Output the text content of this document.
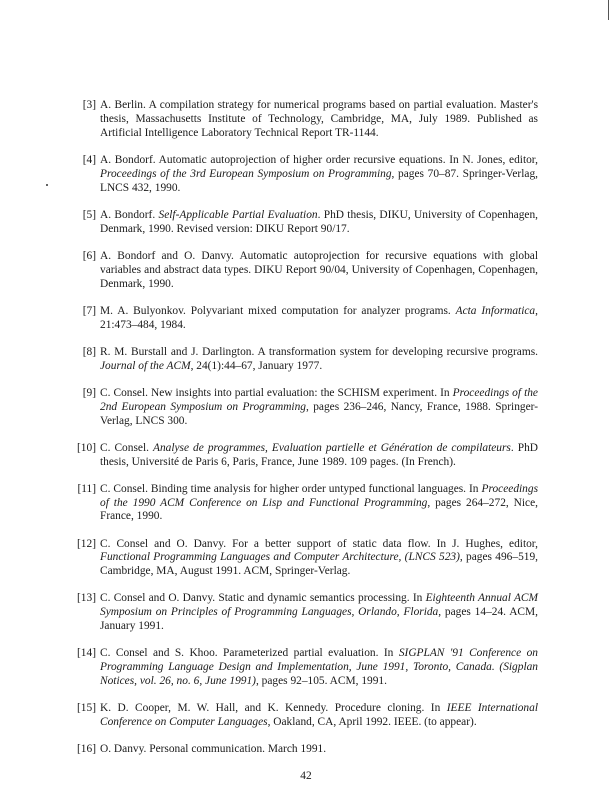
[3] A. Berlin. A compilation strategy for numerical programs based on partial evaluation. Master's thesis, Massachusetts Institute of Technology, Cambridge, MA, July 1989. Published as Artificial Intelligence Laboratory Technical Report TR-1144.
[4] A. Bondorf. Automatic autoprojection of higher order recursive equations. In N. Jones, editor, Proceedings of the 3rd European Symposium on Programming, pages 70–87. Springer-Verlag, LNCS 432, 1990.
[5] A. Bondorf. Self-Applicable Partial Evaluation. PhD thesis, DIKU, University of Copenhagen, Denmark, 1990. Revised version: DIKU Report 90/17.
[6] A. Bondorf and O. Danvy. Automatic autoprojection for recursive equations with global variables and abstract data types. DIKU Report 90/04, University of Copenhagen, Copenhagen, Denmark, 1990.
[7] M. A. Bulyonkov. Polyvariant mixed computation for analyzer programs. Acta Informatica, 21:473–484, 1984.
[8] R. M. Burstall and J. Darlington. A transformation system for developing recursive programs. Journal of the ACM, 24(1):44–67, January 1977.
[9] C. Consel. New insights into partial evaluation: the SCHISM experiment. In Proceedings of the 2nd European Symposium on Programming, pages 236–246, Nancy, France, 1988. Springer-Verlag, LNCS 300.
[10] C. Consel. Analyse de programmes, Evaluation partielle et Génération de compilateurs. PhD thesis, Université de Paris 6, Paris, France, June 1989. 109 pages. (In French).
[11] C. Consel. Binding time analysis for higher order untyped functional languages. In Proceedings of the 1990 ACM Conference on Lisp and Functional Programming, pages 264–272, Nice, France, 1990.
[12] C. Consel and O. Danvy. For a better support of static data flow. In J. Hughes, editor, Functional Programming Languages and Computer Architecture, (LNCS 523), pages 496–519, Cambridge, MA, August 1991. ACM, Springer-Verlag.
[13] C. Consel and O. Danvy. Static and dynamic semantics processing. In Eighteenth Annual ACM Symposium on Principles of Programming Languages, Orlando, Florida, pages 14–24. ACM, January 1991.
[14] C. Consel and S. Khoo. Parameterized partial evaluation. In SIGPLAN '91 Conference on Programming Language Design and Implementation, June 1991, Toronto, Canada. (Sigplan Notices, vol. 26, no. 6, June 1991), pages 92–105. ACM, 1991.
[15] K. D. Cooper, M. W. Hall, and K. Kennedy. Procedure cloning. In IEEE International Conference on Computer Languages, Oakland, CA, April 1992. IEEE. (to appear).
[16] O. Danvy. Personal communication. March 1991.
42
